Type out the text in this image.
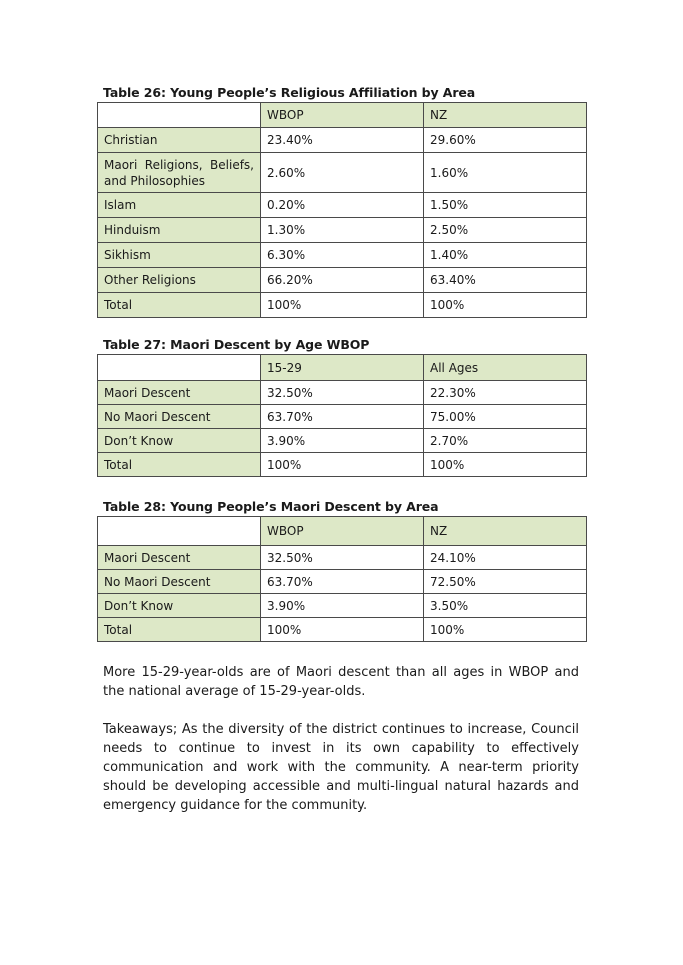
Table 26: Young People’s Religious Affiliation by Area
	WBOP	NZ
Christian	23.40%	29.60%
Maori Religions, Beliefs, and Philosophies	2.60%	1.60%
Islam	0.20%	1.50%
Hinduism	1.30%	2.50%
Sikhism	6.30%	1.40%
Other Religions	66.20%	63.40%
Total	100%	100%
Table 27: Maori Descent by Age WBOP
	15-29	All Ages
Maori Descent	32.50%	22.30%
No Maori Descent	63.70%	75.00%
Don’t Know	3.90%	2.70%
Total	100%	100%
Table 28: Young People’s Maori Descent by Area
	WBOP	NZ
Maori Descent	32.50%	24.10%
No Maori Descent	63.70%	72.50%
Don’t Know	3.90%	3.50%
Total	100%	100%

More 15-29-year-olds are of Maori descent than all ages in WBOP and the national average of 15-29-year-olds.

Takeaways; As the diversity of the district continues to increase, Council needs to continue to invest in its own capability to effectively communication and work with the community. A near-term priority should be developing accessible and multi-lingual natural hazards and emergency guidance for the community.
